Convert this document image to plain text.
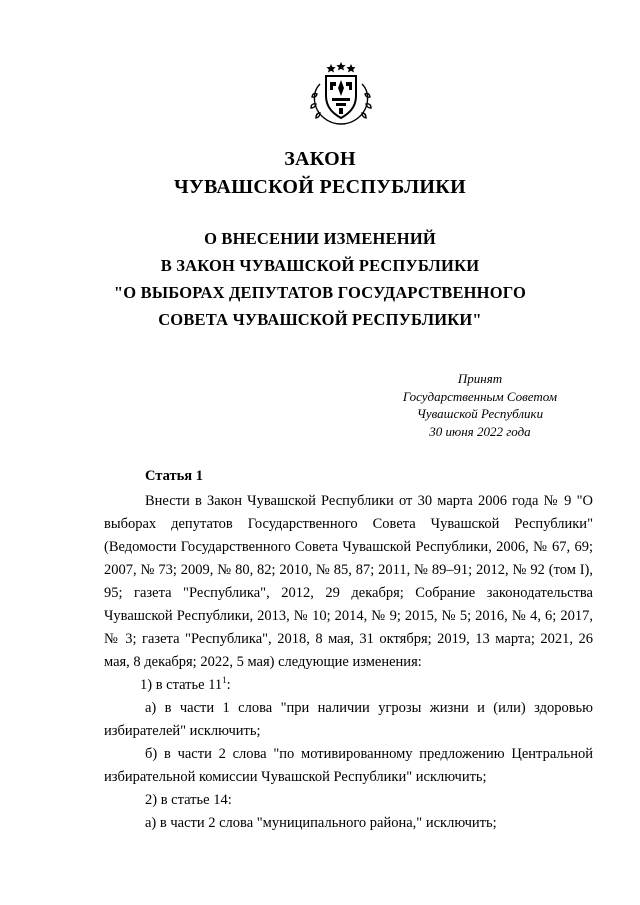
ЗАКОН
ЧУВАШСКОЙ РЕСПУБЛИКИ
О ВНЕСЕНИИ ИЗМЕНЕНИЙ
В ЗАКОН ЧУВАШСКОЙ РЕСПУБЛИКИ
"О ВЫБОРАХ ДЕПУТАТОВ ГОСУДАРСТВЕННОГО
СОВЕТА ЧУВАШСКОЙ РЕСПУБЛИКИ"
Принят
Государственным Советом
Чувашской Республики
30 июня 2022 года
Статья 1

Внести в Закон Чувашской Республики от 30 марта 2006 года № 9 "О выборах депутатов Государственного Совета Чувашской Республики" (Ведомости Государственного Совета Чувашской Республики, 2006, № 67, 69; 2007, № 73; 2009, № 80, 82; 2010, № 85, 87; 2011, № 89–91; 2012, № 92 (том I), 95; газета "Республика", 2012, 29 декабря; Собрание законодательства Чувашской Республики, 2013, № 10; 2014, № 9; 2015, № 5; 2016, № 4, 6; 2017, № 3; газета "Республика", 2018, 8 мая, 31 октября; 2019, 13 марта; 2021, 26 мая, 8 декабря; 2022, 5 мая) следующие изменения:

1) в статье $11^1$:

а) в части 1 слова "при наличии угрозы жизни и (или) здоровью избирателей" исключить;

б) в части 2 слова "по мотивированному предложению Центральной избирательной комиссии Чувашской Республики" исключить;

2) в статье 14:

а) в части 2 слова "муниципального района," исключить;
